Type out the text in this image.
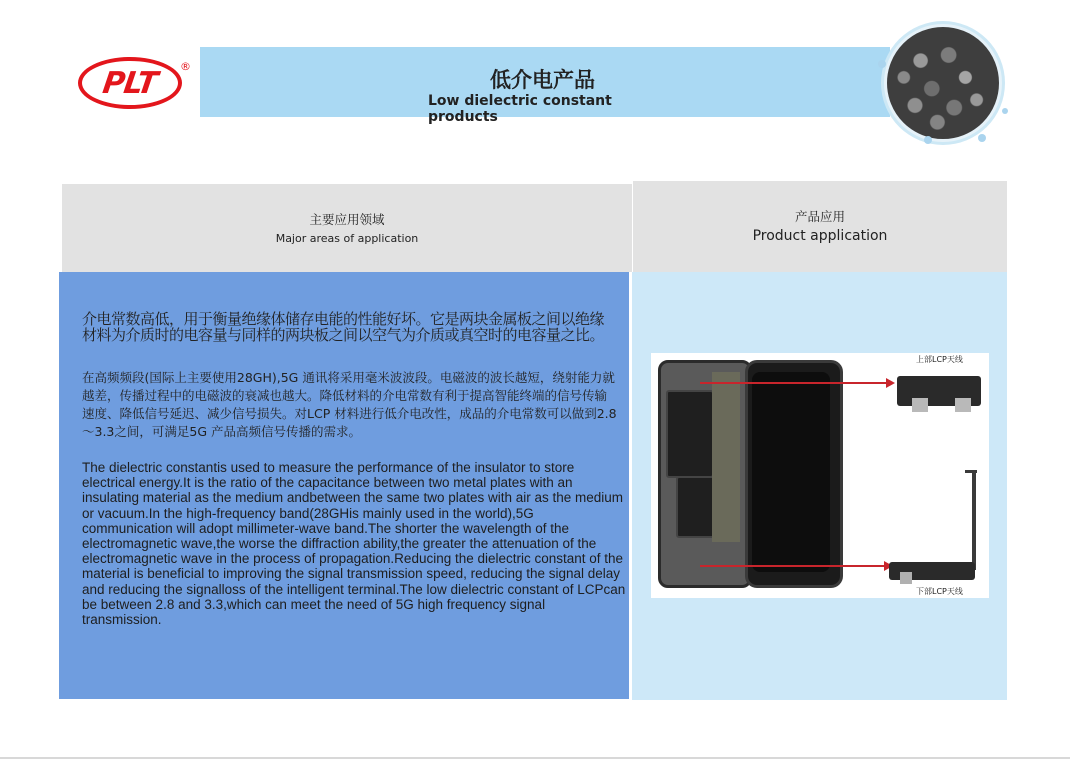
PLT ®
低介电产品
Low dielectric constant products
主要应用领域
Major areas of application
产品应用
Product application
介电常数高低，用于衡量绝缘体储存电能的性能好坏。它是两块金属板之间以绝缘材料为介质时的电容量与同样的两块板之间以空气为介质或真空时的电容量之比。
在高频频段(国际上主要使用28GH),5G 通讯将采用毫米波波段。电磁波的波长越短，绕射能力就越差，传播过程中的电磁波的衰减也越大。降低材料的介电常数有利于提高智能终端的信号传输速度、降低信号延迟、减少信号损失。对LCP 材料进行低介电改性，成品的介电常数可以做到2.8～3.3之间，可满足5G 产品高频信号传播的需求。
The dielectric constantis used to measure the performance of the insulator to store electrical energy.It is the ratio of the capacitance between two metal plates with an insulating material as the medium andbetween the same two plates with air as the medium or vacuum.In the high-frequency band(28GHis mainly used in the world),5G communication will adopt millimeter-wave band.The shorter the wavelength of the electromagnetic wave,the worse the diffraction ability,the greater the attenuation of the electromagnetic wave in the process of propagation.Reducing the dielectric constant of the material is beneficial to improving the signal transmission speed, reducing the signal delay and reducing the signalloss of the intelligent terminal.The low dielectric constant of LCPcan be between 2.8 and 3.3,which can meet the need of 5G high frequency signal transmission.
上部LCP天线
下部LCP天线
